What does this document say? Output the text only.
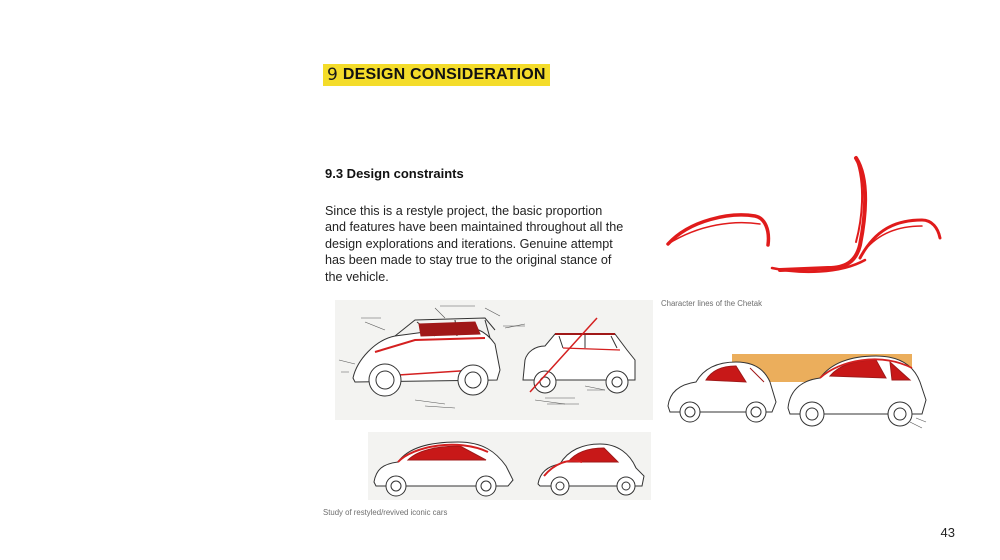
9 DESIGN CONSIDERATION
9.3 Design constraints
Since this is a restyle project, the basic proportion and features have been maintained throughout all the design explorations and iterations. Genuine attempt has been made to stay true to the original stance of the vehicle.
Character lines of the Chetak
Study of restyled/revived iconic cars
43
